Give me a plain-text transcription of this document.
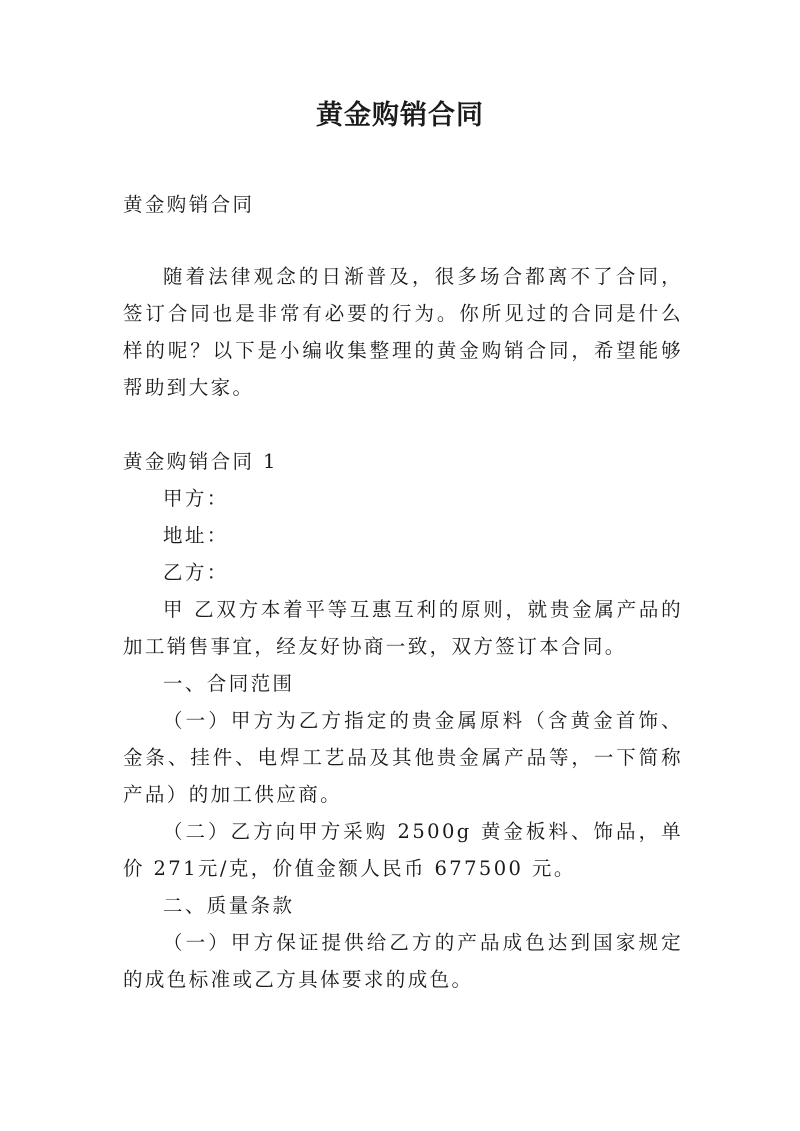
黄金购销合同

黄金购销合同

随着法律观念的日渐普及，很多场合都离不了合同，签订合同也是非常有必要的行为。你所见过的合同是什么样的呢？以下是小编收集整理的黄金购销合同，希望能够帮助到大家。

黄金购销合同 1

甲方：

地址：

乙方：

甲 乙双方本着平等互惠互利的原则，就贵金属产品的加工销售事宜，经友好协商一致，双方签订本合同。

一、合同范围

（一）甲方为乙方指定的贵金属原料（含黄金首饰、金条、挂件、电焊工艺品及其他贵金属产品等，一下简称产品）的加工供应商。

（二）乙方向甲方采购 2500g 黄金板料、饰品，单价 271元/克，价值金额人民币 677500 元。

二、质量条款

（一）甲方保证提供给乙方的产品成色达到国家规定的成色标准或乙方具体要求的成色。
